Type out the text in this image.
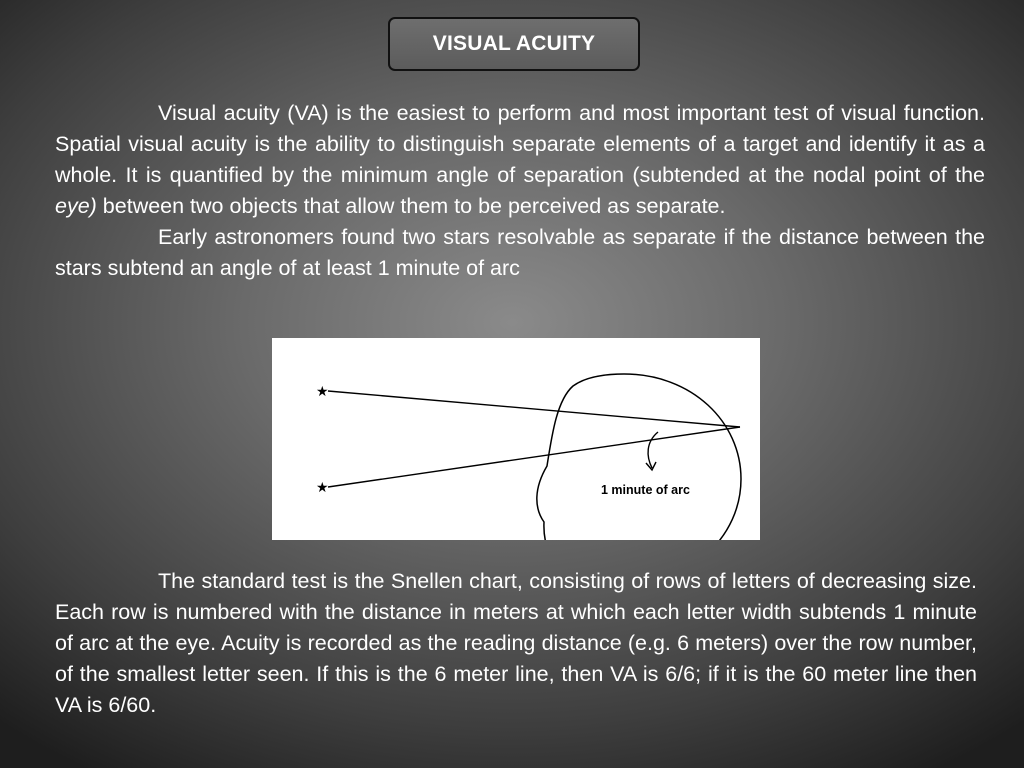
VISUAL ACUITY

Visual acuity (VA) is the easiest to perform and most important test of visual function. Spatial visual acuity is the ability to distinguish separate elements of a target and identify it as a whole. It is quantified by the minimum angle of separation (subtended at the nodal point of the eye) between two objects that allow them to be perceived as separate.

Early astronomers found two stars resolvable as separate if the distance between the stars subtend an angle of at least 1 minute of arc

★
★	1 minute of arc

The standard test is the Snellen chart, consisting of rows of letters of decreasing size. Each row is numbered with the distance in meters at which each letter width subtends 1 minute of arc at the eye. Acuity is recorded as the reading distance (e.g. 6 meters) over the row number, of the smallest letter seen. If this is the 6 meter line, then VA is 6/6; if it is the 60 meter line then VA is 6/60.
